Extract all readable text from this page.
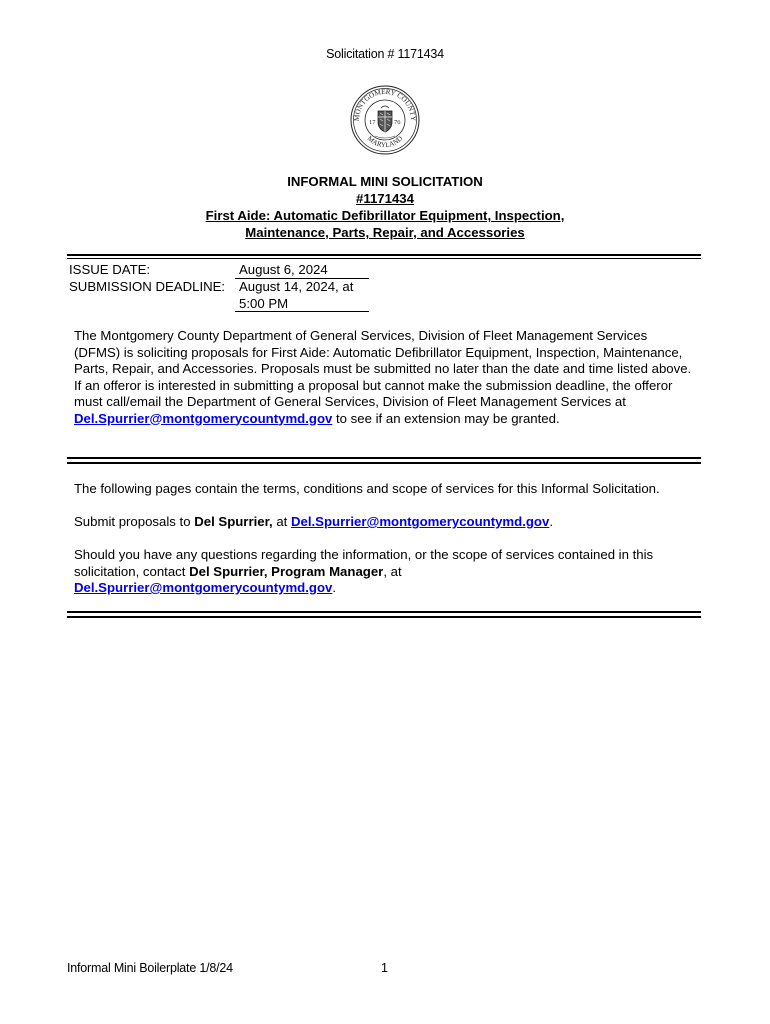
Solicitation # 1171434
MONTGOMERY COUNTY
MARYLAND
17	76
INFORMAL MINI SOLICITATION
#1171434
First Aide: Automatic Defibrillator Equipment, Inspection,
Maintenance, Parts, Repair, and Accessories
ISSUE DATE:	August 6, 2024
SUBMISSION DEADLINE: August 14, 2024, at
5:00 PM
The Montgomery County Department of General Services, Division of Fleet Management Services (DFMS) is soliciting proposals for First Aide: Automatic Defibrillator Equipment, Inspection, Maintenance, Parts, Repair, and Accessories. Proposals must be submitted no later than the date and time listed above. If an offeror is interested in submitting a proposal but cannot make the submission deadline, the offeror must call/email the Department of General Services, Division of Fleet Management Services at Del.Spurrier@montgomerycountymd.gov to see if an extension may be granted.
The following pages contain the terms, conditions and scope of services for this Informal Solicitation.
Submit proposals to Del Spurrier, at Del.Spurrier@montgomerycountymd.gov.
Should you have any questions regarding the information, or the scope of services contained in this solicitation, contact Del Spurrier, Program Manager, at
Del.Spurrier@montgomerycountymd.gov.
Informal Mini Boilerplate 1/8/24	1
